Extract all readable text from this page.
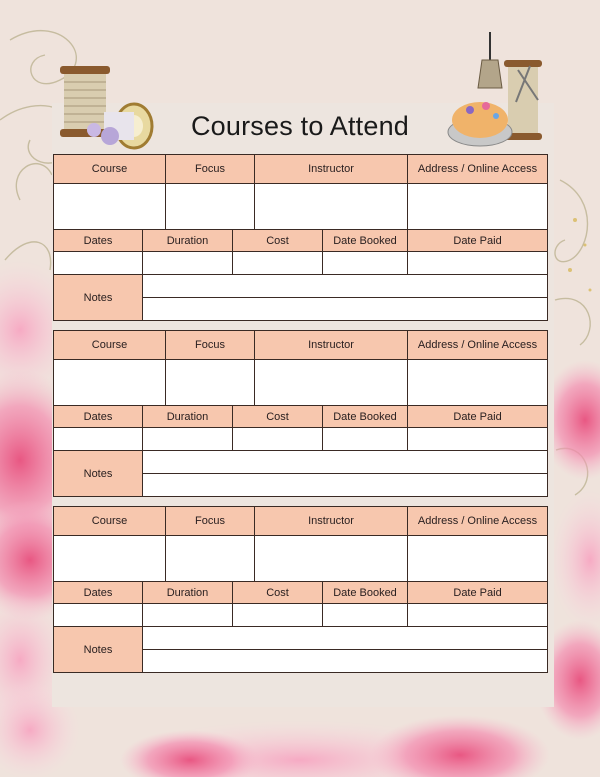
Courses to Attend
Course		Focus		Instructor		Address / Online Access

Dates	Duration		Cost		Date Booked	Date Paid

Notes						

Course		Focus		Instructor		Address / Online Access

Dates	Duration		Cost		Date Booked	Date Paid

Notes						

Course		Focus		Instructor		Address / Online Access

Dates	Duration		Cost		Date Booked	Date Paid

Notes						
